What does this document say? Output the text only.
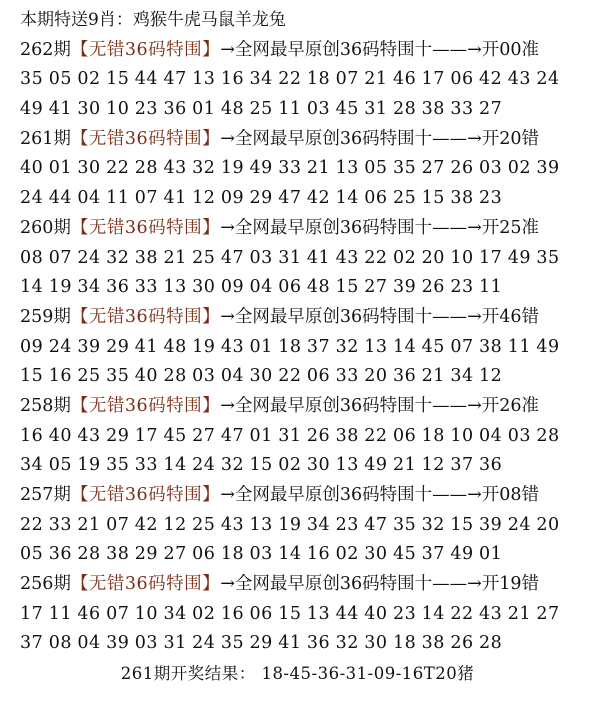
本期特送9肖：鸡猴牛虎马鼠羊龙兔
262期【无错36码特围】→全网最早原创36码特围十——→开00准
35 05 02 15 44 47 13 16 34 22 18 07 21 46 17 06 42 43 24
49 41 30 10 23 36 01 48 25 11 03 45 31 28 38 33 27
261期【无错36码特围】→全网最早原创36码特围十——→开20错
40 01 30 22 28 43 32 19 49 33 21 13 05 35 27 26 03 02 39
24 44 04 11 07 41 12 09 29 47 42 14 06 25 15 38 23
260期【无错36码特围】→全网最早原创36码特围十——→开25准
08 07 24 32 38 21 25 47 03 31 41 43 22 02 20 10 17 49 35
14 19 34 36 33 13 30 09 04 06 48 15 27 39 26 23 11
259期【无错36码特围】→全网最早原创36码特围十——→开46错
09 24 39 29 41 48 19 43 01 18 37 32 13 14 45 07 38 11 49
15 16 25 35 40 28 03 04 30 22 06 33 20 36 21 34 12
258期【无错36码特围】→全网最早原创36码特围十——→开26准
16 40 43 29 17 45 27 47 01 31 26 38 22 06 18 10 04 03 28
34 05 19 35 33 14 24 32 15 02 30 13 49 21 12 37 36
257期【无错36码特围】→全网最早原创36码特围十——→开08错
22 33 21 07 42 12 25 43 13 19 34 23 47 35 32 15 39 24 20
05 36 28 38 29 27 06 18 03 14 16 02 30 45 37 49 01
256期【无错36码特围】→全网最早原创36码特围十——→开19错
17 11 46 07 10 34 02 16 06 15 13 44 40 23 14 22 43 21 27
37 08 04 39 03 31 24 35 29 41 36 32 30 18 38 26 28
261期开奖结果： 18-45-36-31-09-16T20猪
